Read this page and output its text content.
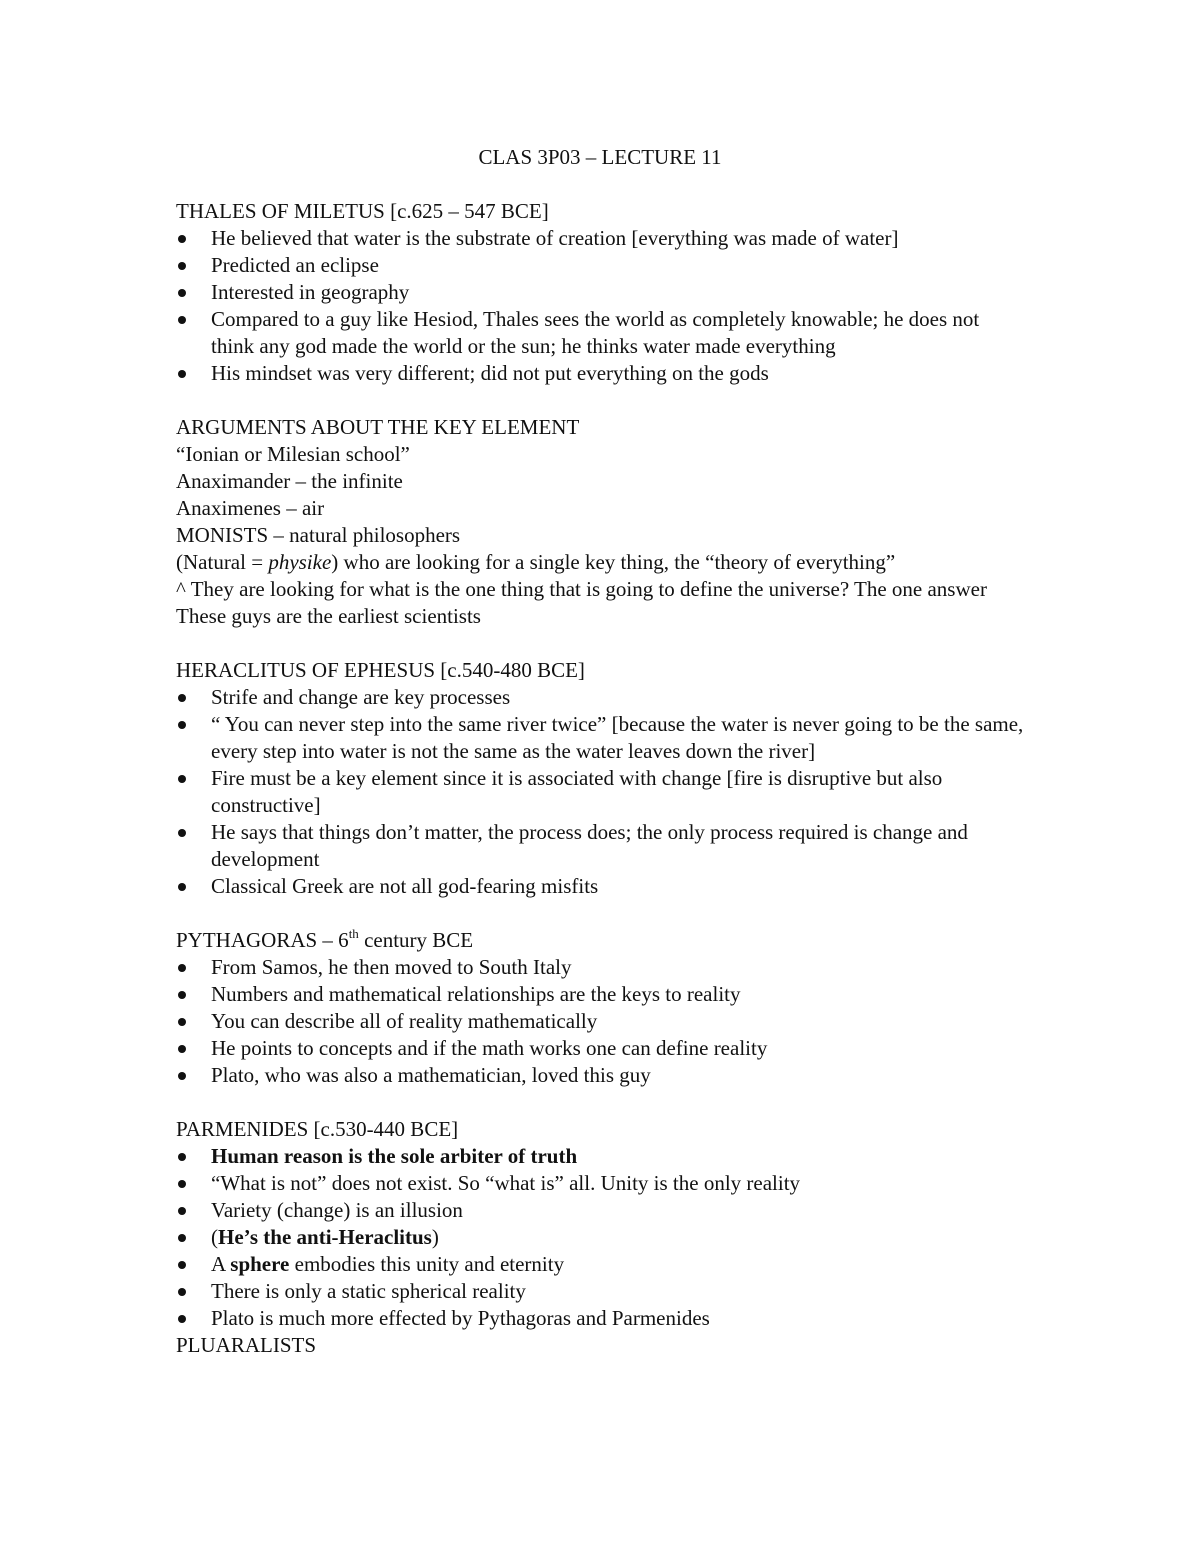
CLAS 3P03 – LECTURE 11
THALES OF MILETUS [c.625 – 547 BCE]
He believed that water is the substrate of creation [everything was made of water]
Predicted an eclipse
Interested in geography
Compared to a guy like Hesiod, Thales sees the world as completely knowable; he does not think any god made the world or the sun; he thinks water made everything
His mindset was very different; did not put everything on the gods
ARGUMENTS ABOUT THE KEY ELEMENT
“Ionian or Milesian school”
Anaximander – the infinite
Anaximenes – air
MONISTS – natural philosophers
(Natural = physike) who are looking for a single key thing, the “theory of everything”
^ They are looking for what is the one thing that is going to define the universe? The one answer
These guys are the earliest scientists
HERACLITUS OF EPHESUS [c.540-480 BCE]
Strife and change are key processes
“ You can never step into the same river twice” [because the water is never going to be the same, every step into water is not the same as the water leaves down the river]
Fire must be a key element since it is associated with change [fire is disruptive but also constructive]
He says that things don’t matter, the process does; the only process required is change and development
Classical Greek are not all god-fearing misfits
PYTHAGORAS – 6th century BCE
From Samos, he then moved to South Italy
Numbers and mathematical relationships are the keys to reality
You can describe all of reality mathematically
He points to concepts and if the math works one can define reality
Plato, who was also a mathematician, loved this guy
PARMENIDES [c.530-440 BCE]
Human reason is the sole arbiter of truth
“What is not” does not exist. So “what is” all. Unity is the only reality
Variety (change) is an illusion
(He’s the anti-Heraclitus)
A sphere embodies this unity and eternity
There is only a static spherical reality
Plato is much more effected by Pythagoras and Parmenides
PLUARALISTS
